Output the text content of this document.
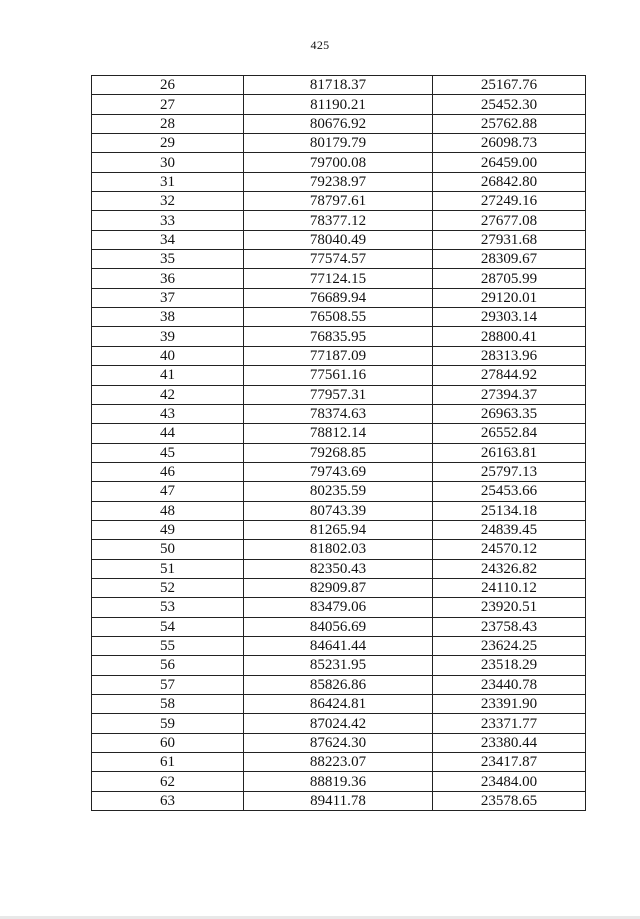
425
26	81718.37	25167.76
27	81190.21	25452.30
28	80676.92	25762.88
29	80179.79	26098.73
30	79700.08	26459.00
31	79238.97	26842.80
32	78797.61	27249.16
33	78377.12	27677.08
34	78040.49	27931.68
35	77574.57	28309.67
36	77124.15	28705.99
37	76689.94	29120.01
38	76508.55	29303.14
39	76835.95	28800.41
40	77187.09	28313.96
41	77561.16	27844.92
42	77957.31	27394.37
43	78374.63	26963.35
44	78812.14	26552.84
45	79268.85	26163.81
46	79743.69	25797.13
47	80235.59	25453.66
48	80743.39	25134.18
49	81265.94	24839.45
50	81802.03	24570.12
51	82350.43	24326.82
52	82909.87	24110.12
53	83479.06	23920.51
54	84056.69	23758.43
55	84641.44	23624.25
56	85231.95	23518.29
57	85826.86	23440.78
58	86424.81	23391.90
59	87024.42	23371.77
60	87624.30	23380.44
61	88223.07	23417.87
62	88819.36	23484.00
63	89411.78	23578.65
